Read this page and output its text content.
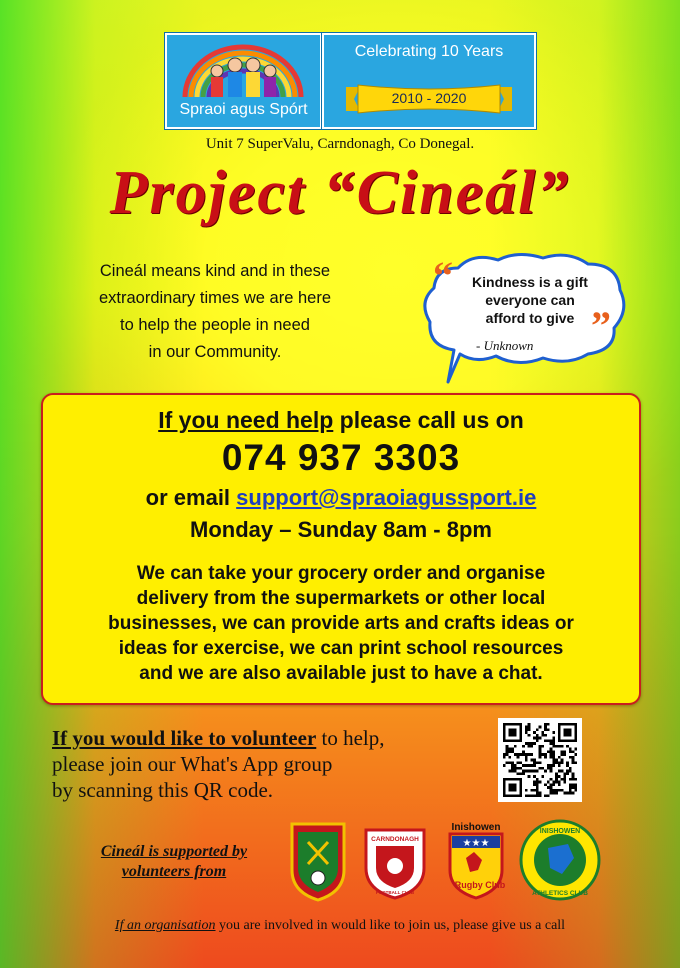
Spraoi agus Spórt
Celebrating 10 Years
2010 - 2020
Unit 7 SuperValu, Carndonagh, Co Donegal.
Project “Cineál”
Cineál means kind and in these
extraordinary times we are here
to help the people in need
in our Community.
“	Kindness is a gift
everyone can
afford to give ”
- Unknown
If you need help please call us on
074 937 3303
or email support@spraoiagussport.ie
Monday – Sunday 8am - 8pm
We can take your grocery order and organise
delivery from the supermarkets or other local
businesses, we can provide arts and crafts ideas or
ideas for exercise, we can print school resources
and we are also available just to have a chat.
If you would like to volunteer to help,
please join our What's App group
by scanning this QR code.
Cineál is supported by
volunteers from
CARNDONAGH
FOOTBALL CLUB
Inishowen
★★★
Rugby Club
INISHOWEN
ATHLETICS CLUB
If an organisation you are involved in would like to join us, please give us a call
